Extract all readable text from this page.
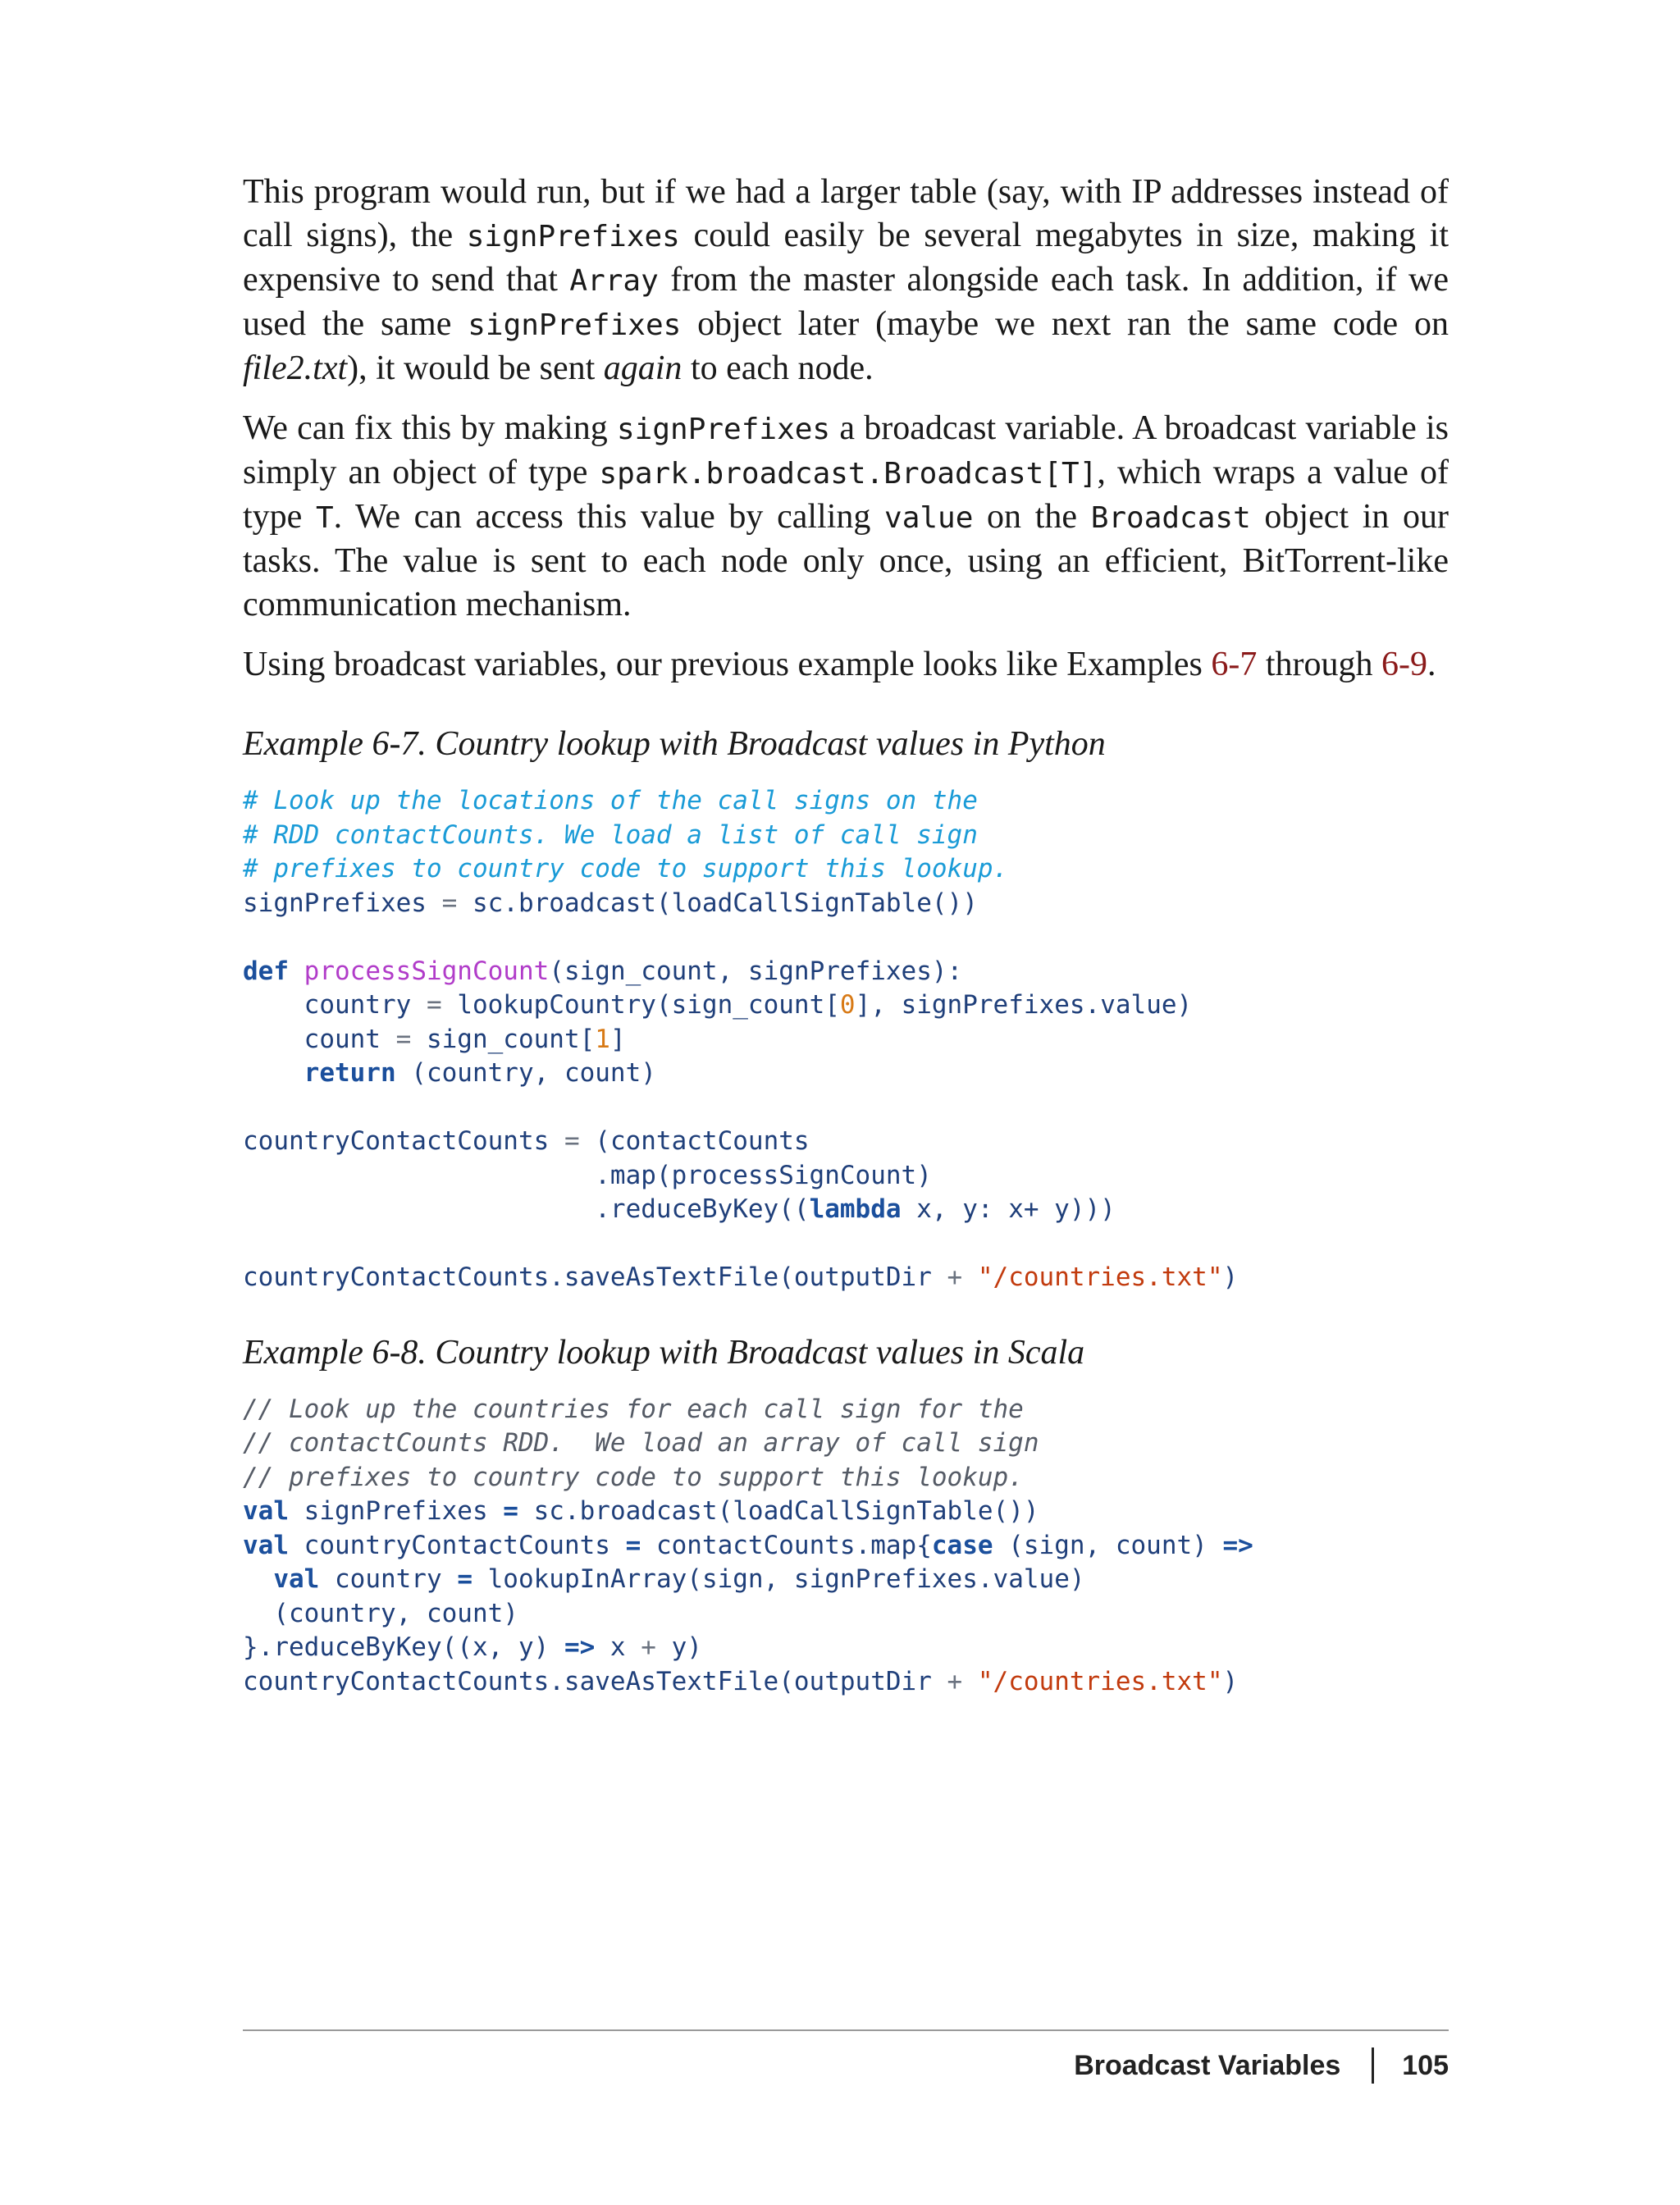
This program would run, but if we had a larger table (say, with IP addresses instead of call signs), the signPrefixes could easily be several megabytes in size, making it expensive to send that Array from the master alongside each task. In addition, if we used the same signPrefixes object later (maybe we next ran the same code on file2.txt), it would be sent again to each node.

We can fix this by making signPrefixes a broadcast variable. A broadcast variable is simply an object of type spark.broadcast.Broadcast[T], which wraps a value of type T. We can access this value by calling value on the Broadcast object in our tasks. The value is sent to each node only once, using an efficient, BitTorrent-like communication mechanism.

Using broadcast variables, our previous example looks like Examples 6-7 through 6-9.

Example 6-7. Country lookup with Broadcast values in Python
# Look up the locations of the call signs on the
# RDD contactCounts. We load a list of call sign
# prefixes to country code to support this lookup.
signPrefixes = sc.broadcast(loadCallSignTable())

def processSignCount(sign_count, signPrefixes):
country = lookupCountry(sign_count[0], signPrefixes.value)
count = sign_count[1]
return (country, count)

countryContactCounts = (contactCounts
.map(processSignCount)
.reduceByKey((lambda x, y: x+ y)))

countryContactCounts.saveAsTextFile(outputDir + "/countries.txt")
Example 6-8. Country lookup with Broadcast values in Scala
// Look up the countries for each call sign for the
// contactCounts RDD.  We load an array of call sign
// prefixes to country code to support this lookup.
val signPrefixes = sc.broadcast(loadCallSignTable())
val countryContactCounts = contactCounts.map{case (sign, count) =>
val country = lookupInArray(sign, signPrefixes.value)
(country, count)
}.reduceByKey((x, y) => x + y)
countryContactCounts.saveAsTextFile(outputDir + "/countries.txt")
Broadcast Variables 105
